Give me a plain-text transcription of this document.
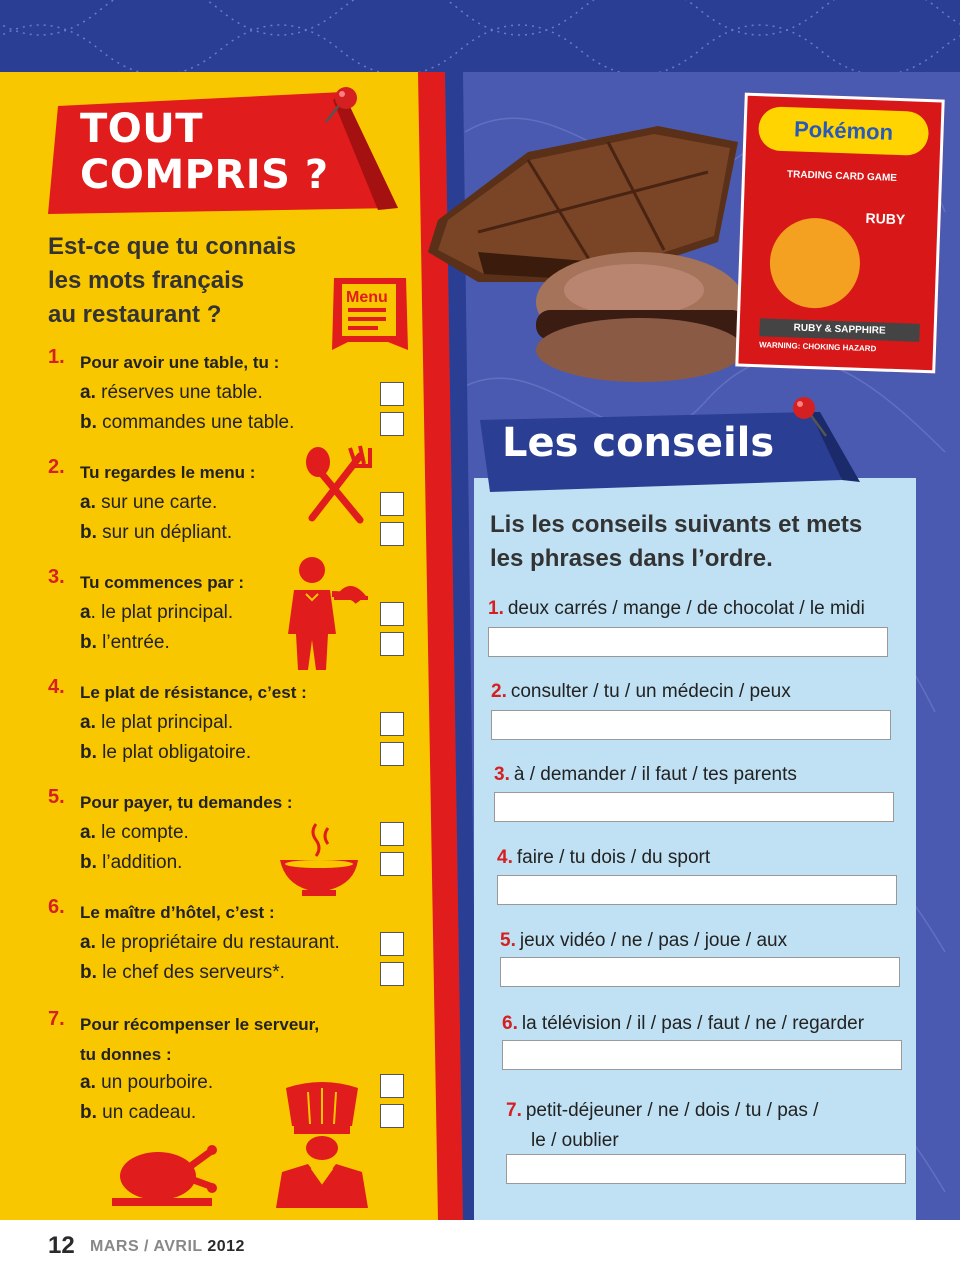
TOUT
COMPRIS ?
Est-ce que tu connais
les mots français
au restaurant ?
Menu
1. Pour avoir une table, tu :
a. réserves une table.
b. commandes une table.
2. Tu regardes le menu :
a. sur une carte.
b. sur un dépliant.
3. Tu commences par :
a. le plat principal.
b. l’entrée.
4. Le plat de résistance, c’est :
a. le plat principal.
b. le plat obligatoire.
5. Pour payer, tu demandes :
a. le compte.
b. l’addition.
6. Le maître d’hôtel, c’est :
a. le propriétaire du restaurant.
b. le chef des serveurs*.
7. Pour récompenser le serveur,
tu donnes :
a. un pourboire.
b. un cadeau.
Pokémon
TRADING CARD GAME
RUBY
RUBY & SAPPHIRE
WARNING: CHOKING HAZARD
Les conseils
Lis les conseils suivants et mets
les phrases dans l’ordre.
1. deux carrés / mange / de chocolat / le midi
2. consulter / tu / un médecin / peux
3. à / demander / il faut / tes parents
4. faire / tu dois / du sport
5. jeux vidéo / ne / pas / joue / aux
6. la télévision / il / pas / faut / ne / regarder
7. petit-déjeuner / ne / dois / tu / pas /
le / oublier
12 MARS / AVRIL 2012
